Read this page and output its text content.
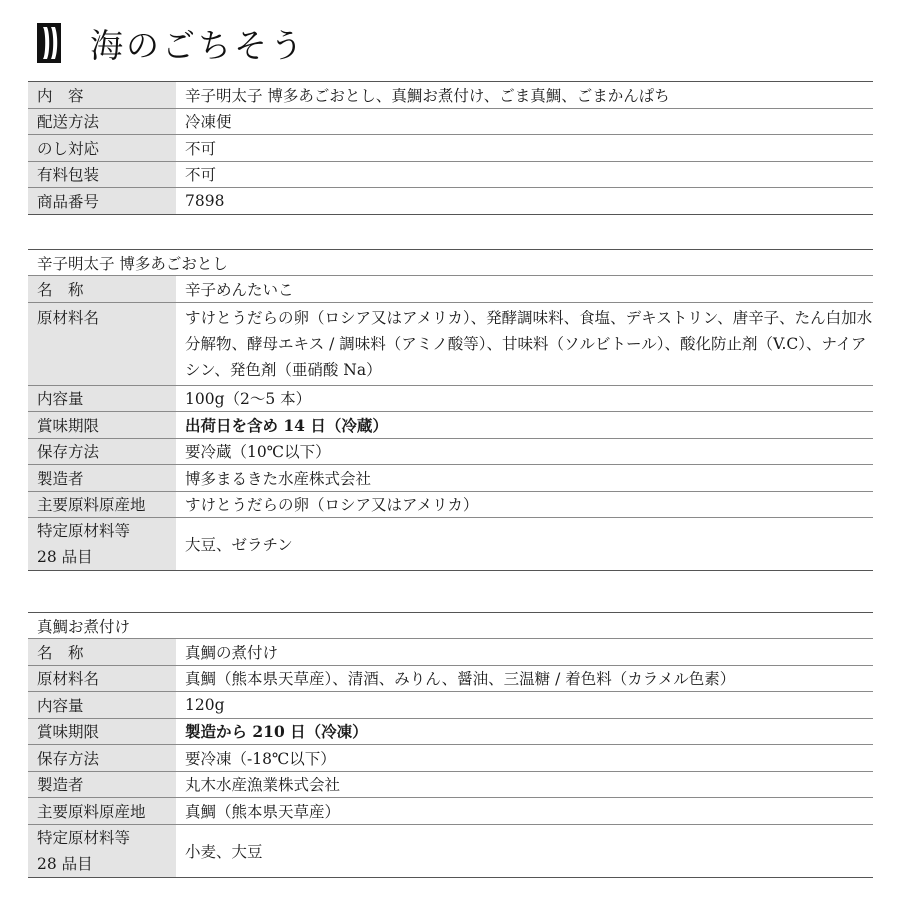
海のごちそう
内　容	辛子明太子 博多あごおとし、真鯛お煮付け、ごま真鯛、ごまかんぱち
配送方法	冷凍便
のし対応	不可
有料包装	不可
商品番号	7898
辛子明太子 博多あごおとし	
名　称	辛子めんたいこ
原材料名	すけとうだらの卵（ロシア又はアメリカ）、発酵調味料、食塩、デキストリン、唐辛子、たん白加水分解物、酵母エキス / 調味料（アミノ酸等）、甘味料（ソルビトール）、酸化防止剤（V.C）、ナイアシン、発色剤（亜硝酸 Na）
内容量	100g（2〜5 本）
賞味期限	出荷日を含め 14 日（冷蔵）
保存方法	要冷蔵（10℃以下）
製造者	博多まるきた水産株式会社
主要原料原産地	すけとうだらの卵（ロシア又はアメリカ）

特定原材料等
28 品目	大豆、ゼラチン
真鯛お煮付け	
名　称	真鯛の煮付け
原材料名	真鯛（熊本県天草産）、清酒、みりん、醤油、三温糖 / 着色料（カラメル色素）
内容量	120g
賞味期限	製造から 210 日（冷凍）
保存方法	要冷凍（-18℃以下）
製造者	丸木水産漁業株式会社
主要原料原産地	真鯛（熊本県天草産）

特定原材料等
28 品目	小麦、大豆
